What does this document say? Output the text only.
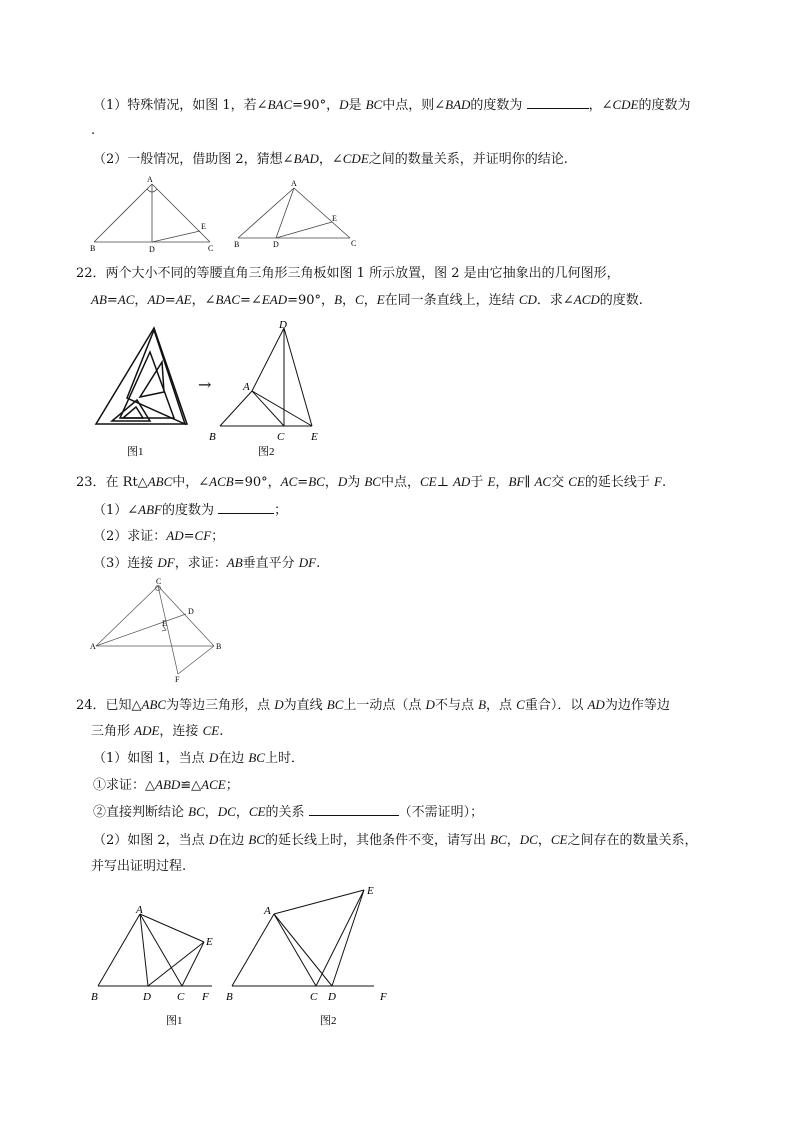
（1）特殊情况，如图 1，若∠BAC=90°，D是 BC中点，则∠BAD的度数为	，∠CDE的度数为
.
（2）一般情况，借助图 2，猜想∠BAD，∠CDE之间的数量关系，并证明你的结论.
A
B	D	C
E
A
B	D	C
E
22．两个大小不同的等腰直角三角形三角板如图 1 所示放置，图 2 是由它抽象出的几何图形，
AB=AC，AD=AE，∠BAC=∠EAD=90°，B，C，E在同一条直线上，连结 CD．求∠ACD的度数.
图1
→
D
A
B	C E
图2
23．在 Rt△ABC中，∠ACB=90°，AC=BC，D为 BC中点，CE⊥ AD于 E，BF∥ AC交 CE的延长线于 F.
（1）∠ABF的度数为	；
（2）求证：AD=CF；
（3）连接 DF，求证：AB垂直平分 DF.
C
A	B
D
E
F
24．已知△ABC为等边三角形，点 D为直线 BC上一动点（点 D不与点 B，点 C重合）．以 AD为边作等边
三角形 ADE，连接 CE.
（1）如图 1，当点 D在边 BC上时．
①求证：△ABD≌△ACE；
②直接判断结论 BC，DC，CE的关系	（不需证明）；
（2）如图 2，当点 D在边 BC的延长线上时，其他条件不变，请写出 BC，DC，CE之间存在的数量关系，
并写出证明过程.
A
B	D C F
E
图1
A
E
B	C D	F
图2
